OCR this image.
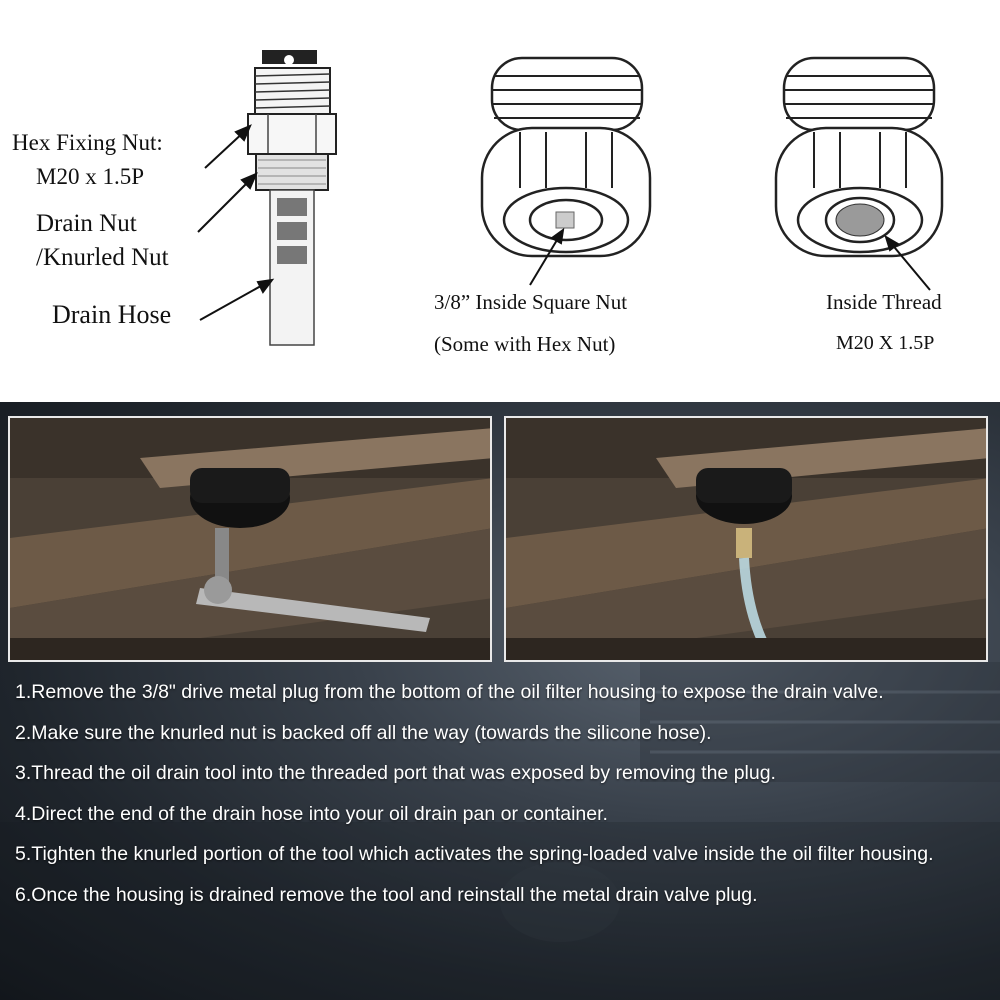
Hex Fixing Nut:
M20 x 1.5P
Drain Nut
/Knurled Nut
Drain Hose	3/8” Inside Square Nut
(Some with Hex Nut)
Inside Thread
M20 X 1.5P

1.Remove the 3/8" drive metal plug from the bottom of the oil filter housing to expose the drain valve.

2.Make sure the knurled nut is backed off all the way (towards the silicone hose).

3.Thread the oil drain tool into the threaded port that was exposed by removing the plug.

4.Direct the end of the drain hose into your oil drain pan or container.

5.Tighten the knurled portion of the tool which activates the spring-loaded valve inside the oil filter housing.

6.Once the housing is drained remove the tool and reinstall the metal drain valve plug.
